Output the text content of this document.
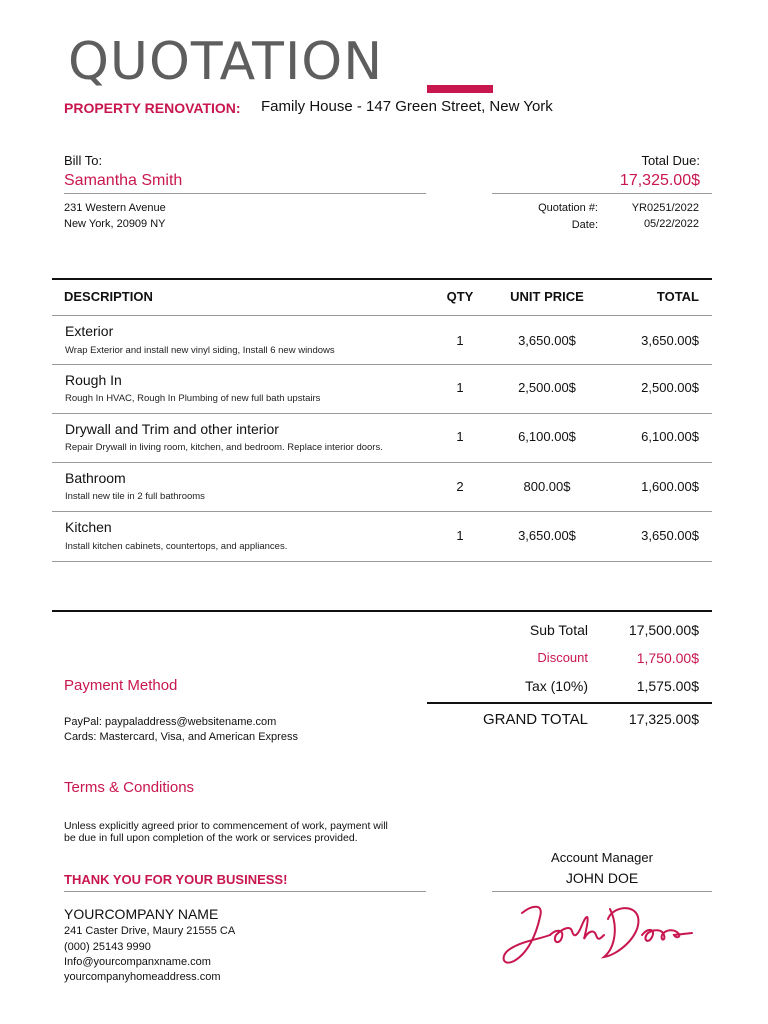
QUOTATION
PROPERTY RENOVATION: Family House - 147 Green Street, New York
Bill To:
Samantha Smith
231 Western Avenue
New York, 20909 NY
Total Due:
17,325.00$
Quotation #:	YR0251/2022
Date:	05/22/2022
DESCRIPTION	QTY	UNIT PRICE	TOTAL
Exterior
Wrap Exterior and install new vinyl siding, Install 6 new windows
1	3,650.00$	3,650.00$
Rough In
Rough In HVAC, Rough In Plumbing of new full bath upstairs
1	2,500.00$	2,500.00$
Drywall and Trim and other interior
Repair Drywall in living room, kitchen, and bedroom. Replace interior doors.
1	6,100.00$	6,100.00$
Bathroom
Install new tile in 2 full bathrooms
2	800.00$	1,600.00$
Kitchen
Install kitchen cabinets, countertops, and appliances.
1	3,650.00$	3,650.00$
Sub Total	17,500.00$
Discount	1,750.00$
Tax (10%)	1,575.00$
GRAND TOTAL	17,325.00$
Payment Method
PayPal: paypaladdress@websitename.com
Cards: Mastercard, Visa, and American Express
Terms & Conditions
Unless explicitly agreed prior to commencement of work, payment will
be due in full upon completion of the work or services provided.
THANK YOU FOR YOUR BUSINESS!
YOURCOMPANY NAME
241 Caster Drive, Maury 21555 CA
(000) 25143 9990
Info@yourcompanxname.com
yourcompanyhomeaddress.com
Account Manager
JOHN DOE
